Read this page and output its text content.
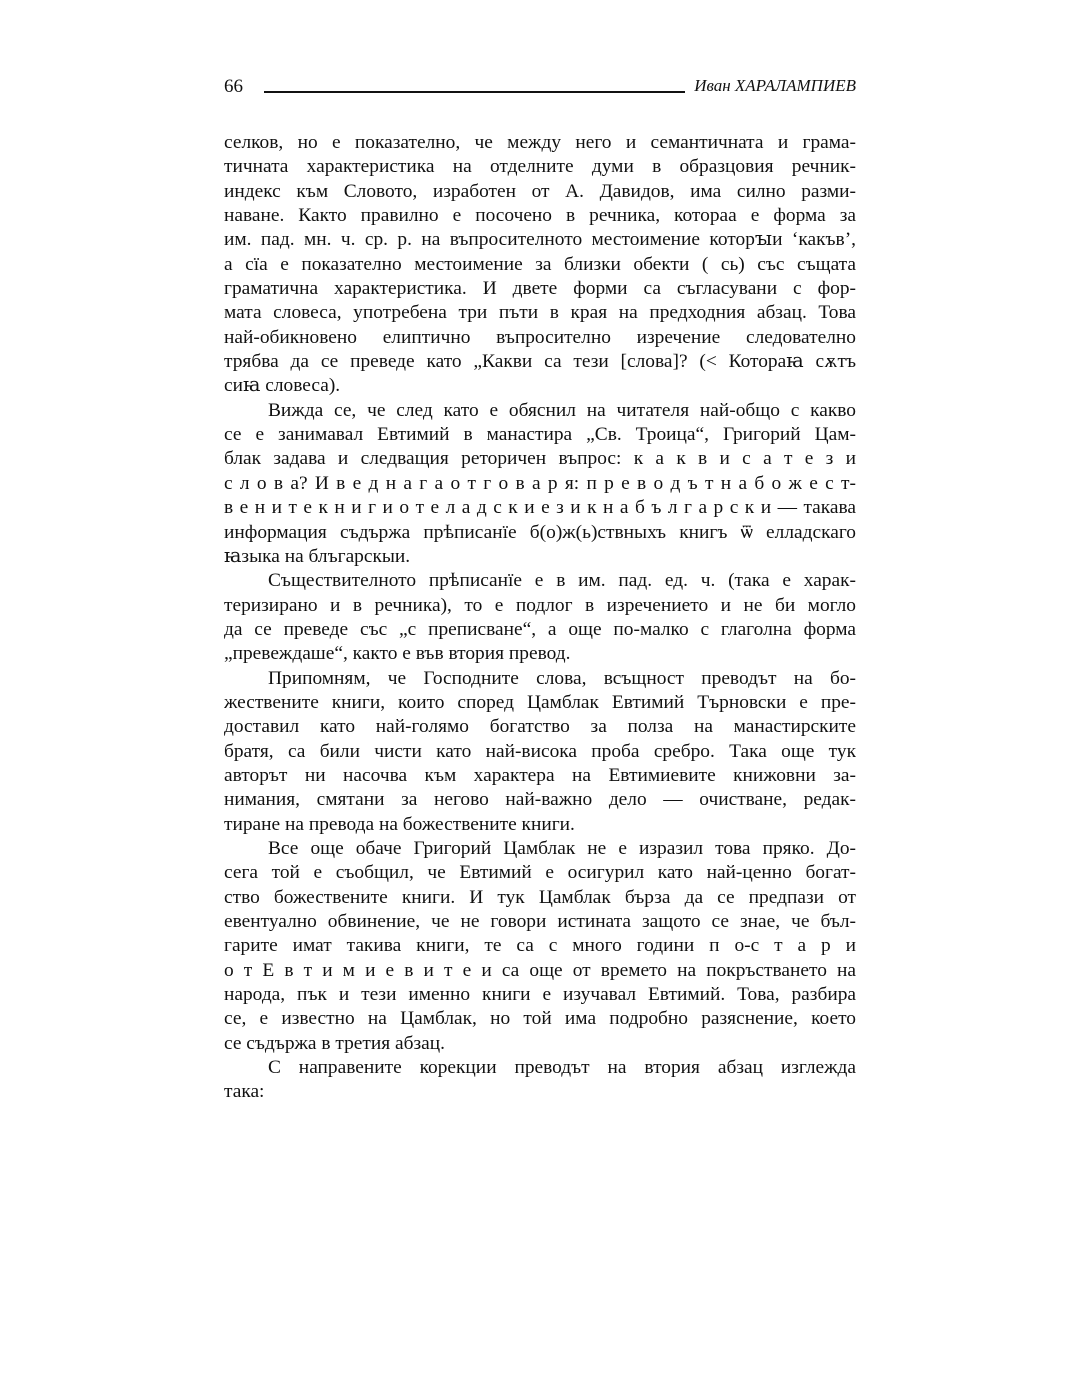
66	Иван ХАРАЛАМПИЕВ
селков, но е показателно, че между него и семантичната и грама-
тичната характеристика на отделните думи в образцовия речник-
индекс към Словото, изработен от А. Давидов, има силно разми-
наване. Както правилно е посочено в речника, котораа е форма за
им. пад. мн. ч. ср. р. на въпросителното местоимение которꙑи ‘какъв’,
а сїа е показателно местоимение за близки обекти ( сь) със същата
граматична характеристика. И двете форми са съгласувани с фор-
мата словеса, употребена три пъти в края на предходния абзац. Това
най-обикновено елиптично въпросително изречение следователно
трябва да се преведе като „Какви са тези [слова]? (< Котораꙗ сѫтъ
сиꙗ словеса).
Вижда се, че след като е обяснил на читателя най-общо с какво
се е занимавал Евтимий в манастира „Св. Троица“, Григорий Цам-
блак задава и следващия реторичен въпрос: к а к в и с а т е з и
с л о в а? И в е д н а г а о т г о в а р я: п р е в о д ъ т н а б о ж е с т-
в е н и т е к н и г и о т е л а д с к и е з и к н а б ъ л г а р с к и — такава
информация съдържа прѣписанїе б(о)ж(ь)ствныхъ книгъ ѿ елладскаго
ꙗзыка на блъгарскыи.
Съществителното прѣписанїе е в им. пад. ед. ч. (така е харак-
теризирано и в речника), то е подлог в изречението и не би могло
да се преведе със „с преписване“, а още по-малко с глаголна форма
„превеждаше“, както е във втория превод.
Припомням, че Господните слова, всъщност преводът на бо-
жествените книги, които според Цамблак Евтимий Търновски е пре-
доставил като най-голямо богатство за полза на манастирските
братя, са били чисти като най-висока проба сребро. Така още тук
авторът ни насочва към характера на Евтимиевите книжовни за-
нимания, смятани за негово най-важно дело — очистване, редак-
тиране на превода на божествените книги.
Все още обаче Григорий Цамблак не е изразил това пряко. До-
сега той е съобщил, че Евтимий е осигурил като най-ценно богат-
ство божествените книги. И тук Цамблак бърза да се предпази от
евентуално обвинение, че не говори истината защото се знае, че бъл-
гарите имат такива книги, те са с много години п о-с т а р и
о т Е в т и м и е в и т е и са още от времето на покръстването на
народа, пък и тези именно книги е изучавал Евтимий. Това, разбира
се, е известно на Цамблак, но той има подробно разяснение, което
се съдържа в третия абзац.
С направените корекции преводът на втория абзац изглежда
така:
